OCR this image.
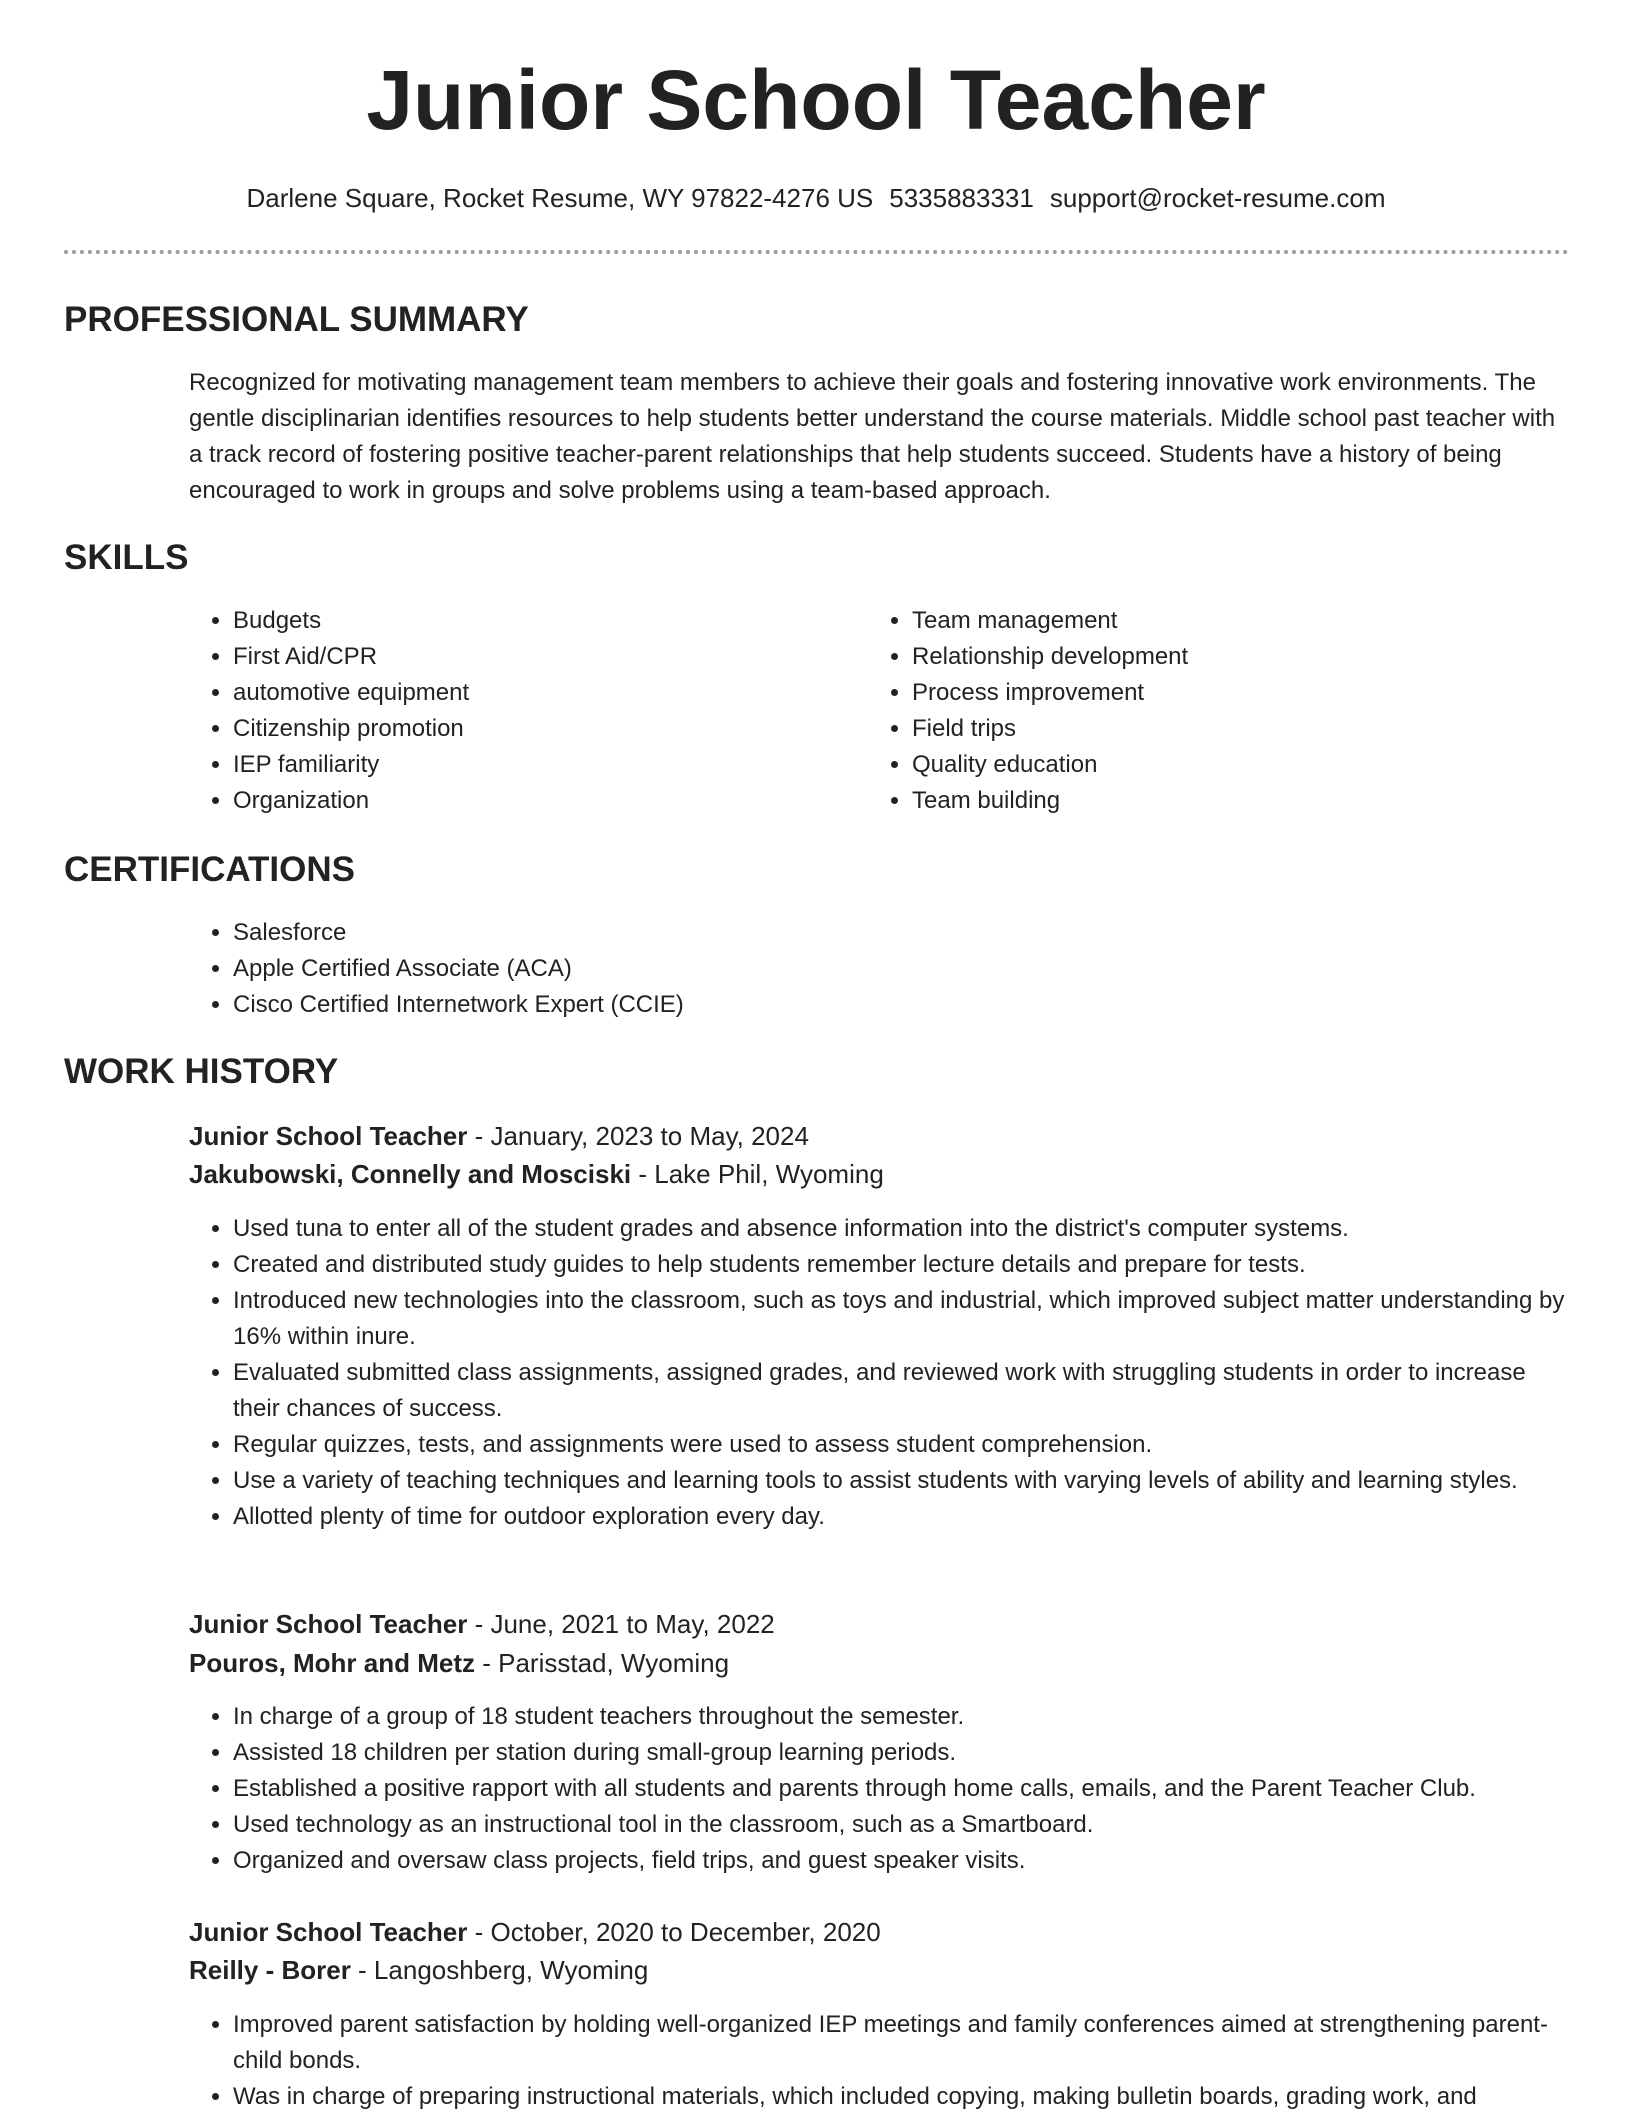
Junior School Teacher
Darlene Square, Rocket Resume, WY 97822-4276 US 5335883331 support@rocket-resume.com
PROFESSIONAL SUMMARY

Recognized for motivating management team members to achieve their goals and fostering innovative work environments. The gentle disciplinarian identifies resources to help students better understand the course materials. Middle school past teacher with a track record of fostering positive teacher-parent relationships that help students succeed. Students have a history of being encouraged to work in groups and solve problems using a team-based approach.

SKILLS
• Budgets
• First Aid/CPR
• automotive equipment
• Citizenship promotion
• IEP familiarity
• Organization
• Team management
• Relationship development
• Process improvement
• Field trips
• Quality education
• Team building
CERTIFICATIONS
• Salesforce
• Apple Certified Associate (ACA)
• Cisco Certified Internetwork Expert (CCIE)
WORK HISTORY
Junior School Teacher - January, 2023 to May, 2024
Jakubowski, Connelly and Mosciski - Lake Phil, Wyoming
• Used tuna to enter all of the student grades and absence information into the district's computer systems.
• Created and distributed study guides to help students remember lecture details and prepare for tests.
• Introduced new technologies into the classroom, such as toys and industrial, which improved subject matter understanding by 16% within inure.
• Evaluated submitted class assignments, assigned grades, and reviewed work with struggling students in order to increase their chances of success.
• Regular quizzes, tests, and assignments were used to assess student comprehension.
• Use a variety of teaching techniques and learning tools to assist students with varying levels of ability and learning styles.
• Allotted plenty of time for outdoor exploration every day.
Junior School Teacher - June, 2021 to May, 2022
Pouros, Mohr and Metz - Parisstad, Wyoming
• In charge of a group of 18 student teachers throughout the semester.
• Assisted 18 children per station during small-group learning periods.
• Established a positive rapport with all students and parents through home calls, emails, and the Parent Teacher Club.
• Used technology as an instructional tool in the classroom, such as a Smartboard.
• Organized and oversaw class projects, field trips, and guest speaker visits.
Junior School Teacher - October, 2020 to December, 2020
Reilly - Borer - Langoshberg, Wyoming
• Improved parent satisfaction by holding well-organized IEP meetings and family conferences aimed at strengthening parent-child bonds.
• Was in charge of preparing instructional materials, which included copying, making bulletin boards, grading work, and
